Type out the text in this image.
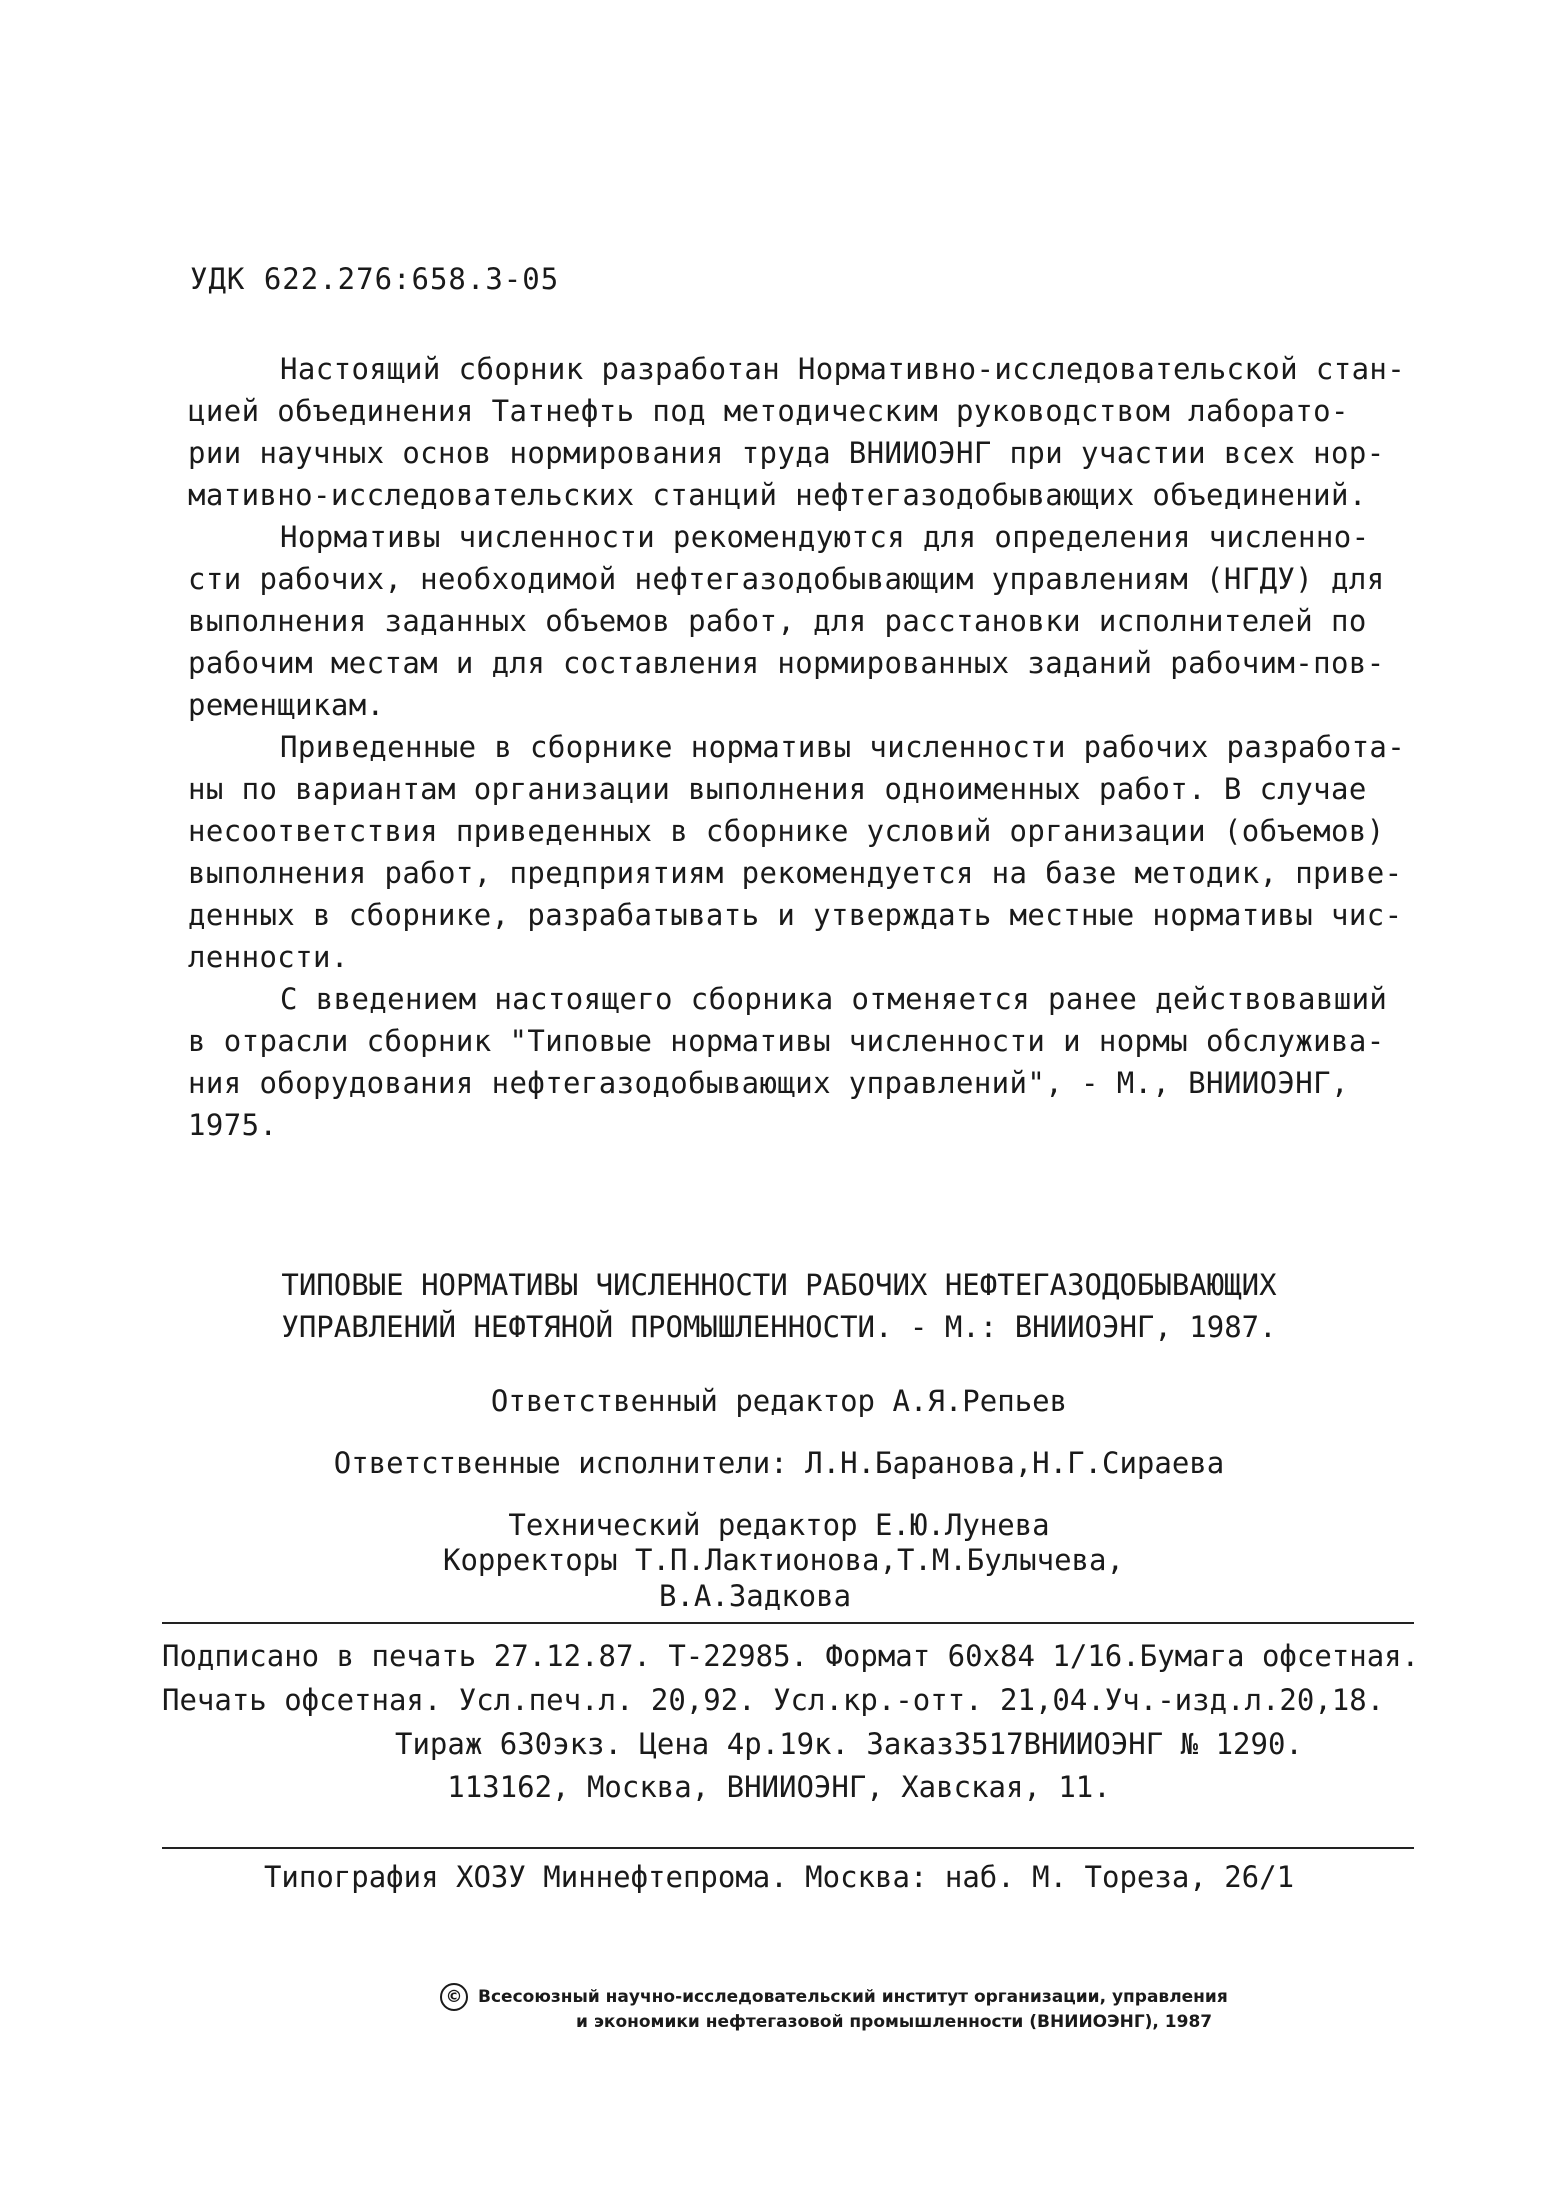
УДК 622.276:658.3-05
Настоящий сборник разработан Нормативно-исследовательской стан-
цией объединения Татнефть под методическим руководством лаборато-
рии научных основ нормирования труда ВНИИОЭНГ при участии всех нор-
мативно-исследовательских станций нефтегазодобывающих объединений.
Нормативы численности рекомендуются для определения численно-
сти рабочих, необходимой нефтегазодобывающим управлениям (НГДУ) для
выполнения заданных объемов работ, для расстановки исполнителей по
рабочим местам и для составления нормированных заданий рабочим-пов-
ременщикам.
Приведенные в сборнике нормативы численности рабочих разработа-
ны по вариантам организации выполнения одноименных работ. В случае
несоответствия приведенных в сборнике условий организации (объемов)
выполнения работ, предприятиям рекомендуется на базе методик, приве-
денных в сборнике, разрабатывать и утверждать местные нормативы чис-
ленности.
С введением настоящего сборника отменяется ранее действовавший
в отрасли сборник "Типовые нормативы численности и нормы обслужива-
ния оборудования нефтегазодобывающих управлений", - М., ВНИИОЭНГ,
1975.
ТИПОВЫЕ НОРМАТИВЫ ЧИСЛЕННОСТИ РАБОЧИХ НЕФТЕГАЗОДОБЫВАЮЩИХ
УПРАВЛЕНИЙ НЕФТЯНОЙ ПРОМЫШЛЕННОСТИ. - М.: ВНИИОЭНГ, 1987.
Ответственный редактор А.Я.Репьев
Ответственные исполнители: Л.Н.Баранова,Н.Г.Сираева
Технический редактор Е.Ю.Лунева
Корректоры Т.П.Лактионова,Т.М.Булычева,
В.А.Задкова
Подписано в печать 27.12.87. Т-22985. Формат 60x84 1/16.Бумага офсетная.
Печать офсетная. Усл.печ.л. 20,92. Усл.кр.-отт. 21,04.Уч.-изд.л.20,18.
Тираж 630экз. Цена 4р.19к. Заказ3517ВНИИОЭНГ № 1290.
113162, Москва, ВНИИОЭНГ, Хавская, 11.
Типография ХОЗУ Миннефтепрома. Москва: наб. М. Тореза, 26/1
© Всесоюзный научно-исследовательский институт организации, управления
и экономики нефтегазовой промышленности (ВНИИОЭНГ), 1987
